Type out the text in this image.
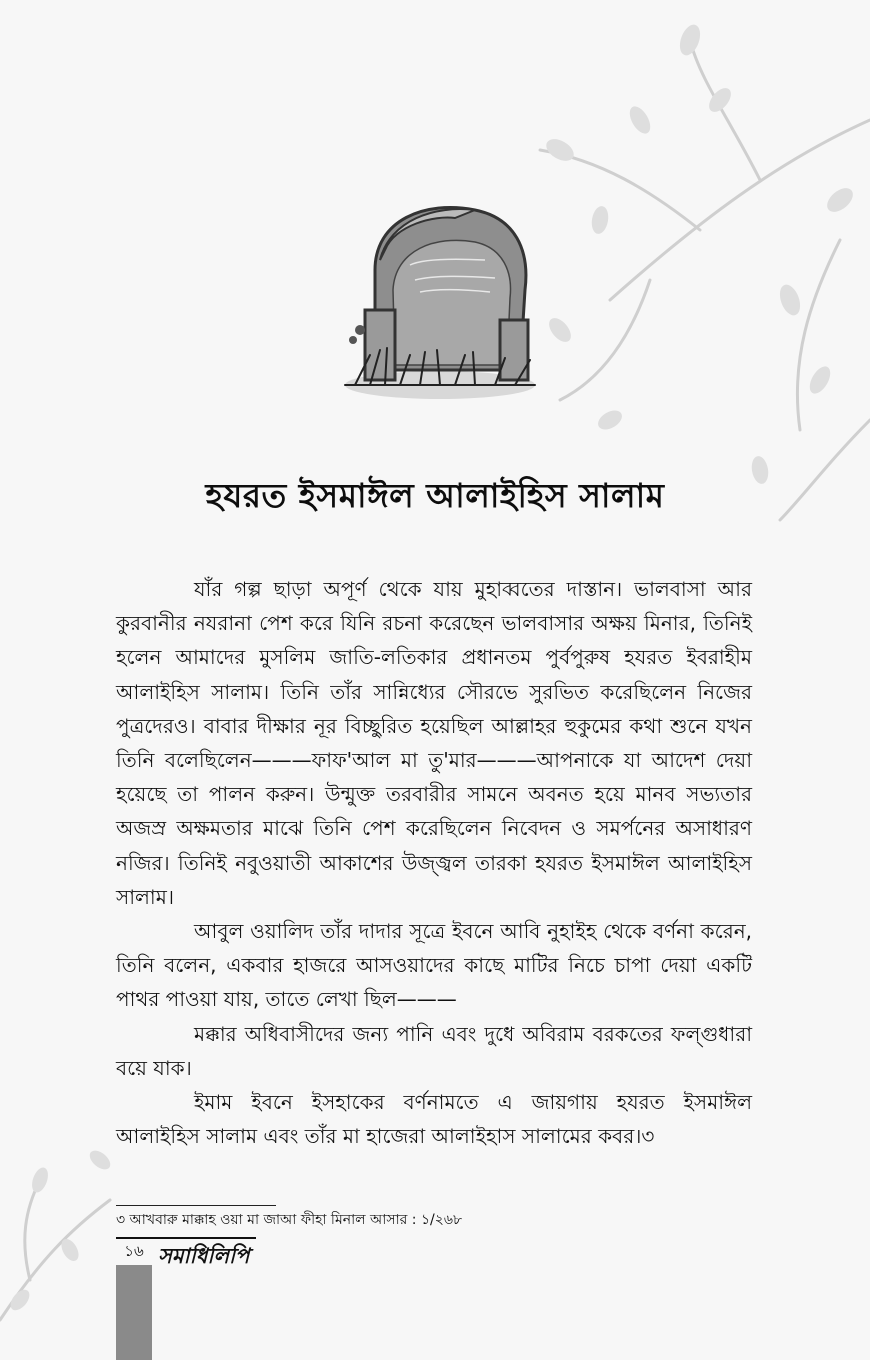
হযরত ইসমাঈল আলাইহিস সালাম

যাঁর গল্প ছাড়া অপূর্ণ থেকে যায় মুহাব্বতের দাস্তান। ভালবাসা আর কুরবানীর নযরানা পেশ করে যিনি রচনা করেছেন ভালবাসার অক্ষয় মিনার, তিনিই হলেন আমাদের মুসলিম জাতি-লতিকার প্রধানতম পুর্বপুরুষ হযরত ইবরাহীম আলাইহিস সালাম। তিনি তাঁর সান্নিধ্যের সৌরভে সুরভিত করেছিলেন নিজের পুত্রদেরও। বাবার দীক্ষার নূর বিচ্ছুরিত হয়েছিল আল্লাহর হুকুমের কথা শুনে যখন তিনি বলেছিলেন———ফাফ'আল মা তু'মার———আপনাকে যা আদেশ দেয়া হয়েছে তা পালন করুন। উন্মুক্ত তরবারীর সামনে অবনত হয়ে মানব সভ্যতার অজস্র অক্ষমতার মাঝে তিনি পেশ করেছিলেন নিবেদন ও সমর্পনের অসাধারণ নজির। তিনিই নবুওয়াতী আকাশের উজ্জ্বল তারকা হযরত ইসমাঈল আলাইহিস সালাম।

আবুল ওয়ালিদ তাঁর দাদার সূত্রে ইবনে আবি নুহাইহ থেকে বর্ণনা করেন, তিনি বলেন, একবার হাজরে আসওয়াদের কাছে মাটির নিচে চাপা দেয়া একটি পাথর পাওয়া যায়, তাতে লেখা ছিল———

মক্কার অধিবাসীদের জন্য পানি এবং দুধে অবিরাম বরকতের ফল্গুধারা বয়ে যাক।

ইমাম ইবনে ইসহাকের বর্ণনামতে এ জায়গায় হযরত ইসমাঈল আলাইহিস সালাম এবং তাঁর মা হাজেরা আলাইহাস সালামের কবর।৩

৩ আখবারু মাক্কাহ ওয়া মা জাআ ফীহা মিনাল আসার : ১/২৬৮
১৬ সমাধিলিপি
